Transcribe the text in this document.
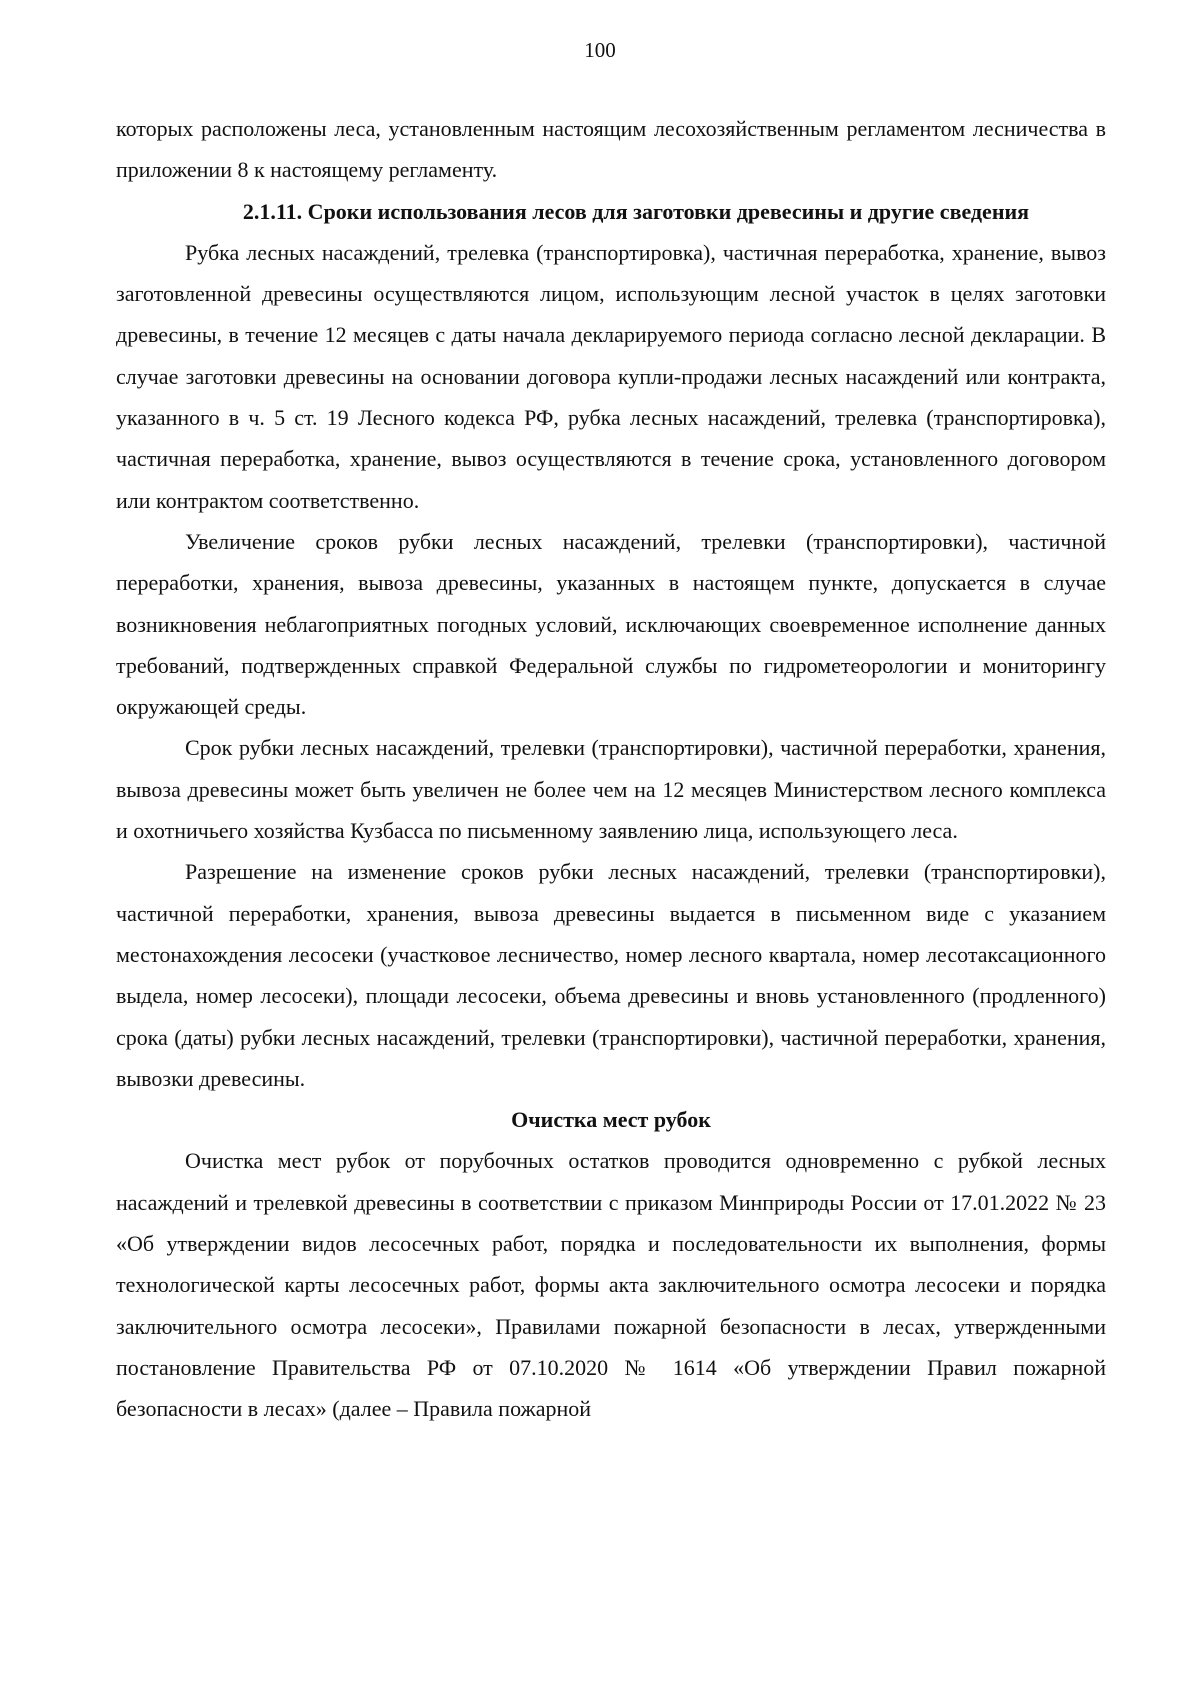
100

которых расположены леса, установленным настоящим лесохозяйственным регламентом лесничества в приложении 8 к настоящему регламенту.

2.1.11. Сроки использования лесов для заготовки древесины и другие сведения

Рубка лесных насаждений, трелевка (транспортировка), частичная переработка, хранение, вывоз заготовленной древесины осуществляются лицом, использующим лесной участок в целях заготовки древесины, в течение 12 месяцев с даты начала декларируемого периода согласно лесной декларации. В случае заготовки древесины на основании договора купли-продажи лесных насаждений или контракта, указанного в ч. 5 ст. 19 Лесного кодекса РФ, рубка лесных насаждений, трелевка (транспортировка), частичная переработка, хранение, вывоз осуществляются в течение срока, установленного договором или контрактом соответственно.

Увеличение сроков рубки лесных насаждений, трелевки (транспортировки), частичной переработки, хранения, вывоза древесины, указанных в настоящем пункте, допускается в случае возникновения неблагоприятных погодных условий, исключающих своевременное исполнение данных требований, подтвержденных справкой Федеральной службы по гидрометеорологии и мониторингу окружающей среды.

Срок рубки лесных насаждений, трелевки (транспортировки), частичной переработки, хранения, вывоза древесины может быть увеличен не более чем на 12 месяцев Министерством лесного комплекса и охотничьего хозяйства Кузбасса по письменному заявлению лица, использующего леса.

Разрешение на изменение сроков рубки лесных насаждений, трелевки (транспортировки), частичной переработки, хранения, вывоза древесины выдается в письменном виде с указанием местонахождения лесосеки (участковое лесничество, номер лесного квартала, номер лесотаксационного выдела, номер лесосеки), площади лесосеки, объема древесины и вновь установленного (продленного) срока (даты) рубки лесных насаждений, трелевки (транспортировки), частичной переработки, хранения, вывозки древесины.

Очистка мест рубок

Очистка мест рубок от порубочных остатков проводится одновременно с рубкой лесных насаждений и трелевкой древесины в соответствии с приказом Минприроды России от 17.01.2022 № 23 «Об утверждении видов лесосечных работ, порядка и последовательности их выполнения, формы технологической карты лесосечных работ, формы акта заключительного осмотра лесосеки и порядка заключительного осмотра лесосеки», Правилами пожарной безопасности в лесах, утвержденными постановление Правительства РФ от 07.10.2020 № 1614 «Об утверждении Правил пожарной безопасности в лесах» (далее – Правила пожарной
